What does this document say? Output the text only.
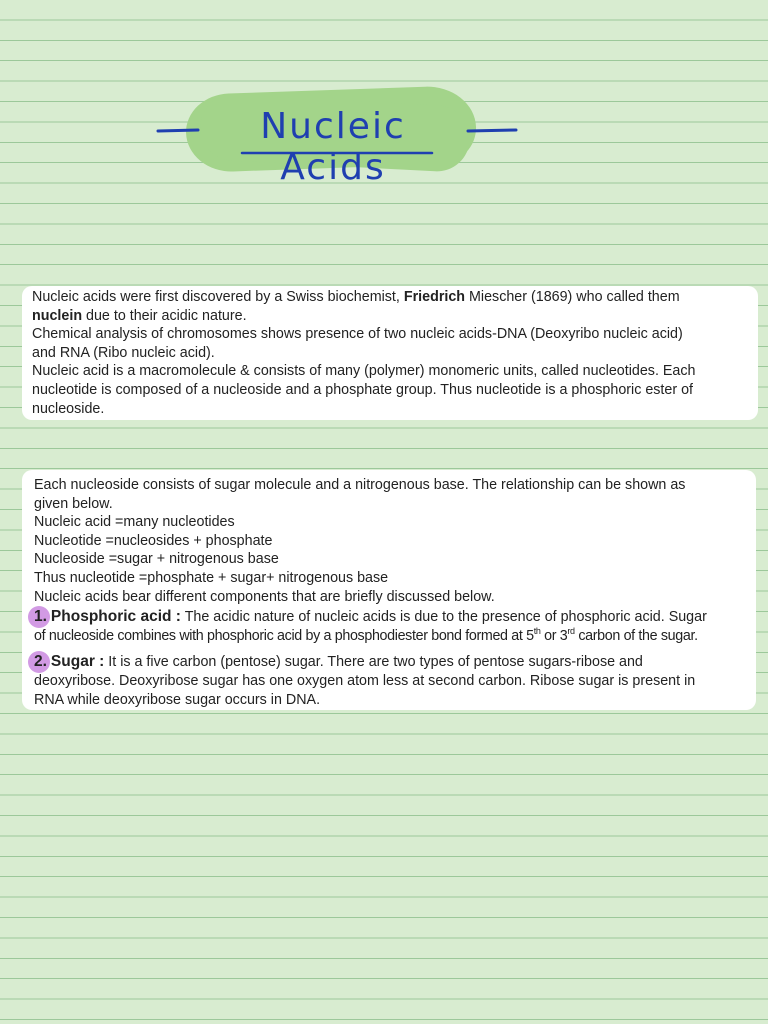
Nucleic Acids

Nucleic acids were first discovered by a Swiss biochemist, Friedrich Miescher (1869) who called them

nuclein due to their acidic nature.

Chemical analysis of chromosomes shows presence of two nucleic acids-DNA (Deoxyribo nucleic acid)

and RNA (Ribo nucleic acid).

Nucleic acid is a macromolecule & consists of many (polymer) monomeric units, called nucleotides. Each

nucleotide is composed of a nucleoside and a phosphate group. Thus nucleotide is a phosphoric ester of

nucleoside.

Each nucleoside consists of sugar molecule and a nitrogenous base. The relationship can be shown as

given below.

Nucleic acid =many nucleotides

Nucleotide =nucleosides + phosphate

Nucleoside =sugar + nitrogenous base

Thus nucleotide =phosphate + sugar+ nitrogenous base

Nucleic acids bear different components that are briefly discussed below.

1. Phosphoric acid : The acidic nature of nucleic acids is due to the presence of phosphoric acid. Sugar

of nucleoside combines with phosphoric acid by a phosphodiester bond formed at 5th or 3rd carbon of the sugar.

2. Sugar : It is a five carbon (pentose) sugar. There are two types of pentose sugars-ribose and

deoxyribose. Deoxyribose sugar has one oxygen atom less at second carbon. Ribose sugar is present in

RNA while deoxyribose sugar occurs in DNA.
